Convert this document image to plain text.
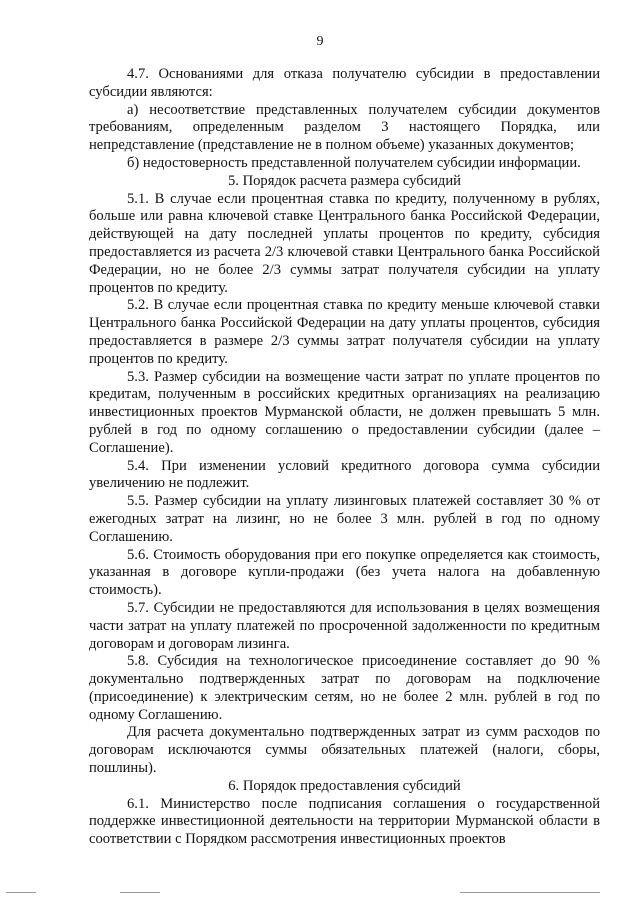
9

4.7. Основаниями для отказа получателю субсидии в предоставлении субсидии являются:

а) несоответствие представленных получателем субсидии документов требованиям, определенным разделом 3 настоящего Порядка, или непредставление (представление не в полном объеме) указанных документов;

б) недостоверность представленной получателем субсидии информации.

5. Порядок расчета размера субсидий

5.1. В случае если процентная ставка по кредиту, полученному в рублях, больше или равна ключевой ставке Центрального банка Российской Федерации, действующей на дату последней уплаты процентов по кредиту, субсидия предоставляется из расчета 2/3 ключевой ставки Центрального банка Российской Федерации, но не более 2/3 суммы затрат получателя субсидии на уплату процентов по кредиту.

5.2. В случае если процентная ставка по кредиту меньше ключевой ставки Центрального банка Российской Федерации на дату уплаты процентов, субсидия предоставляется в размере 2/3 суммы затрат получателя субсидии на уплату процентов по кредиту.

5.3. Размер субсидии на возмещение части затрат по уплате процентов по кредитам, полученным в российских кредитных организациях на реализацию инвестиционных проектов Мурманской области, не должен превышать 5 млн. рублей в год по одному соглашению о предоставлении субсидии (далее – Соглашение).

5.4. При изменении условий кредитного договора сумма субсидии увеличению не подлежит.

5.5. Размер субсидии на уплату лизинговых платежей составляет 30 % от ежегодных затрат на лизинг, но не более 3 млн. рублей в год по одному Соглашению.

5.6. Стоимость оборудования при его покупке определяется как стоимость, указанная в договоре купли-продажи (без учета налога на добавленную стоимость).

5.7. Субсидии не предоставляются для использования в целях возмещения части затрат на уплату платежей по просроченной задолженности по кредитным договорам и договорам лизинга.

5.8. Субсидия на технологическое присоединение составляет до 90 % документально подтвержденных затрат по договорам на подключение (присоединение) к электрическим сетям, но не более 2 млн. рублей в год по одному Соглашению.

Для расчета документально подтвержденных затрат из сумм расходов по договорам исключаются суммы обязательных платежей (налоги, сборы, пошлины).

6. Порядок предоставления субсидий

6.1. Министерство после подписания соглашения о государственной поддержке инвестиционной деятельности на территории Мурманской области в соответствии с Порядком рассмотрения инвестиционных проектов
